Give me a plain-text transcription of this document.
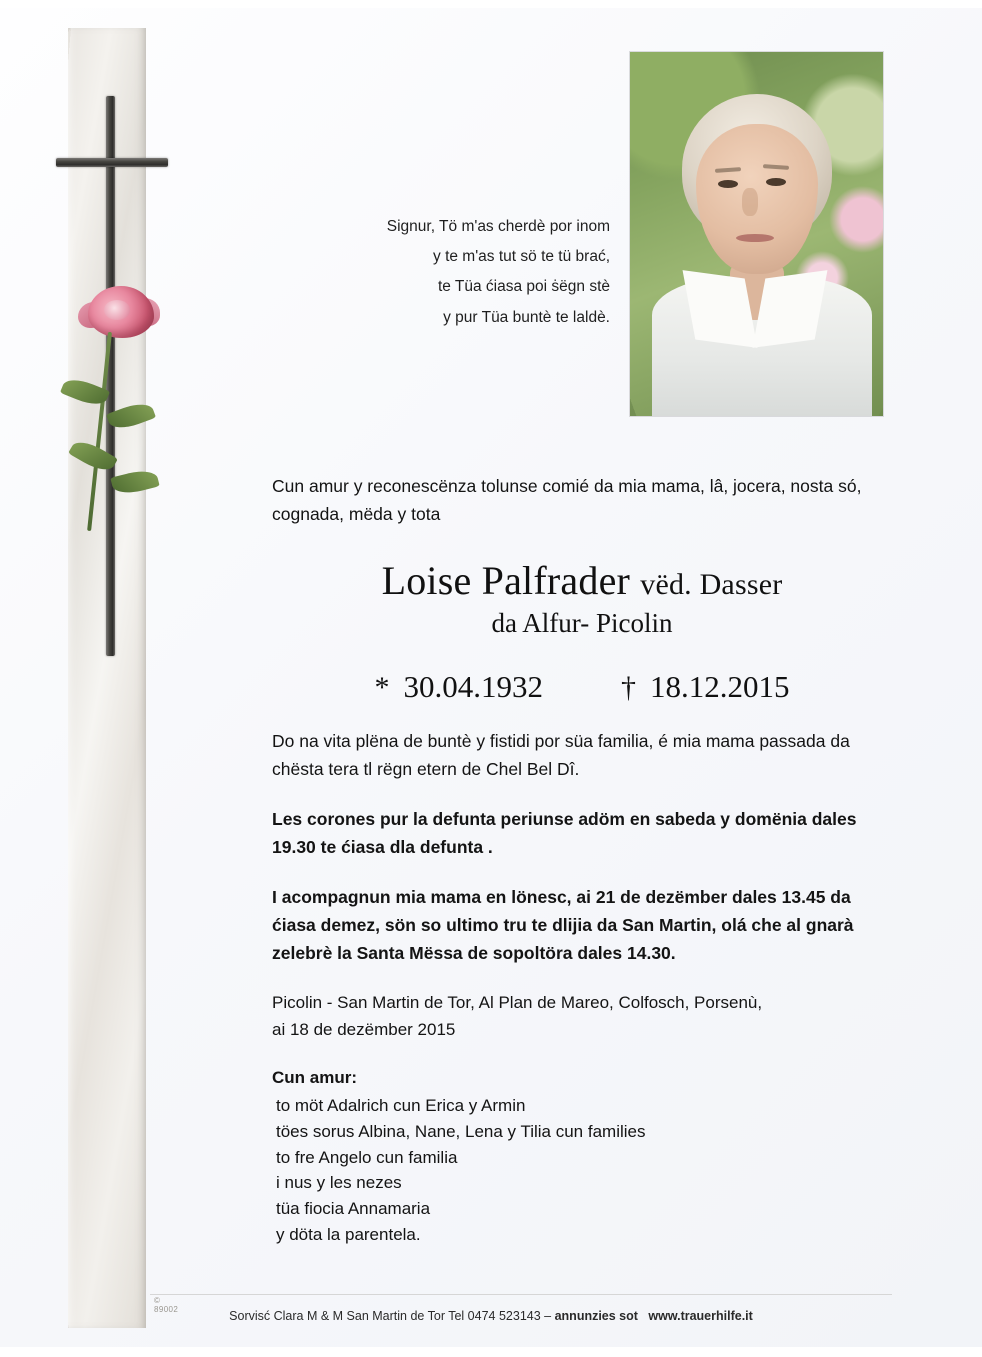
© 89002
Signur, Tö m'as cherdè por inom
y te m'as tut sö te tü brać,
te Tüa ćiasa poi ṡëgn stè
y pur Tüa buntè te laldè.
Cun amur y reconescënza tolunse comié da mia mama, lâ, jocera, nosta só, cognada, mëda y tota
Loise Palfrader vëd. Dasser
da Alfur- Picolin
* 30.04.1932	† 18.12.2015
Do na vita plëna de buntè y fistidi por süa familia, é mia mama passada da chësta tera tl rëgn etern de Chel Bel Dî.
Les corones pur la defunta periunse adöm en sabeda y domënia dales 19.30 te ćiasa dla defunta .
I acompagnun mia mama en lönesc, ai 21 de dezëmber dales 13.45 da ćiasa demez, sön so ultimo tru te dlijia da San Martin, olá che al gnarà zelebrè la Santa Mëssa de sopoltöra dales 14.30.
Picolin - San Martin de Tor, Al Plan de Mareo, Colfosch, Porsenù,
ai 18 de dezëmber 2015
Cun amur:
to möt Adalrich cun Erica y Armin
töes sorus Albina, Nane, Lena y Tilia cun families
to fre Angelo cun familia
i nus y les nezes
tüa fiocia Annamaria
y döta la parentela.
Sorvisć Clara M & M San Martin de Tor Tel 0474 523143 – annunzies sot www.trauerhilfe.it
